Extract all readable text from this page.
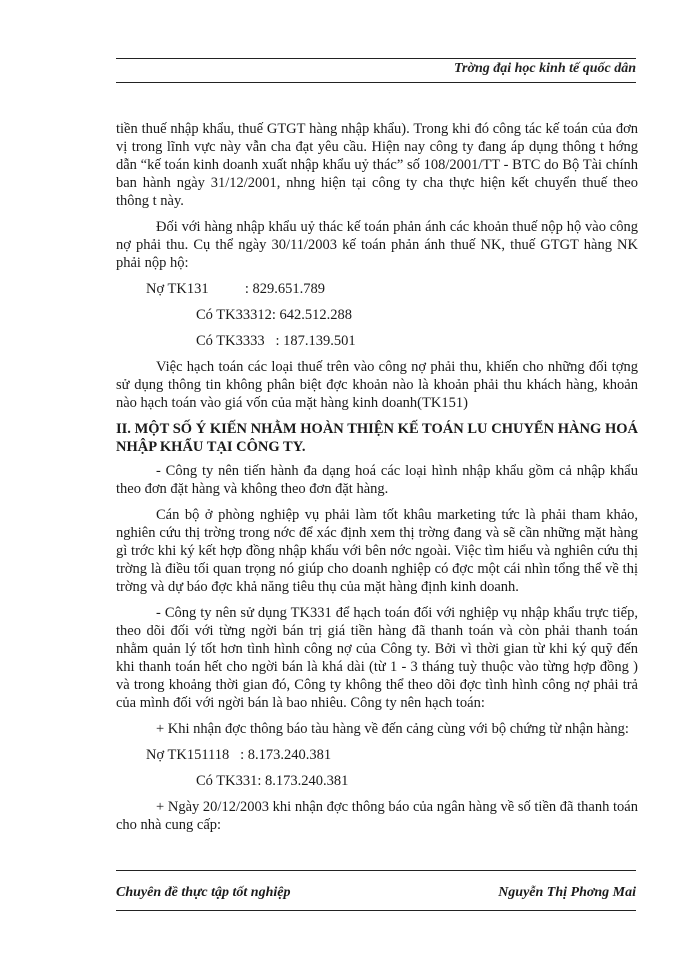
Trờng đại học kinh tế quốc dân

tiền thuế nhập khẩu, thuế GTGT hàng nhập khẩu). Trong khi đó công tác kế toán của đơn vị trong lĩnh vực này vẫn cha đạt yêu cầu. Hiện nay công ty đang áp dụng thông t hớng dẫn “kế toán kinh doanh xuất nhập khẩu uỷ thác” số 108/2001/TT - BTC do Bộ Tài chính ban hành ngày 31/12/2001, nhng hiện tại công ty cha thực hiện kết chuyển thuế theo thông t này.

Đối với hàng nhập khẩu uỷ thác kế toán phản ánh các khoản thuế nộp hộ vào công nợ phải thu. Cụ thể ngày 30/11/2003 kế toán phản ánh thuế NK, thuế GTGT hàng NK phải nộp hộ:

Nợ TK131          : 829.651.789

Có TK33312: 642.512.288

Có TK3333   : 187.139.501

Việc hạch toán các loại thuế trên vào công nợ phải thu, khiến cho những đối tợng sử dụng thông tin không phân biệt đợc khoản nào là khoản phải thu khách hàng, khoản nào hạch toán vào giá vốn của mặt hàng kinh doanh(TK151)

II. MỘT SỐ Ý KIẾN NHẰM HOÀN THIỆN KẾ TOÁN LU CHUYỂN HÀNG HOÁ NHẬP KHẨU TẠI CÔNG TY.

- Công ty nên tiến hành đa dạng hoá các loại hình nhập khẩu gồm cả nhập khẩu theo đơn đặt hàng và không theo đơn đặt hàng.

Cán bộ ở phòng nghiệp vụ phải làm tốt khâu marketing tức là phải tham khảo, nghiên cứu thị trờng trong nớc để xác định xem thị trờng đang và sẽ cần những mặt hàng gì trớc khi ký kết hợp đồng nhập khẩu với bên nớc ngoài. Việc tìm hiểu và nghiên cứu thị trờng là điều tối quan trọng nó giúp cho doanh nghiệp có đợc một cái nhìn tổng thể về thị trờng và dự báo đợc khả năng tiêu thụ của mặt hàng định kinh doanh.

- Công ty nên sử dụng TK331 để hạch toán đối với nghiệp vụ nhập khẩu trực tiếp, theo dõi đối với từng ngời bán trị giá tiền hàng đã thanh toán và còn phải thanh toán nhằm quản lý tốt hơn tình hình công nợ của Công ty. Bởi vì thời gian từ khi ký quỹ đến khi thanh toán hết cho ngời bán là khá dài (từ 1 - 3 tháng tuỳ thuộc vào từng hợp đồng ) và trong khoảng thời gian đó, Công ty không thể theo dõi đợc tình hình công nợ phải trả của mình đối với ngời bán là bao nhiêu. Công ty nên hạch toán:

+ Khi nhận đợc thông báo tàu hàng về đến cảng cùng với bộ chứng từ nhận hàng:

Nợ TK151118   : 8.173.240.381

Có TK331: 8.173.240.381

+ Ngày 20/12/2003 khi nhận đợc thông báo của ngân hàng về số tiền đã thanh toán cho nhà cung cấp:

Chuyên đề thực tập tốt nghiệp	Nguyễn Thị Phơng Mai
